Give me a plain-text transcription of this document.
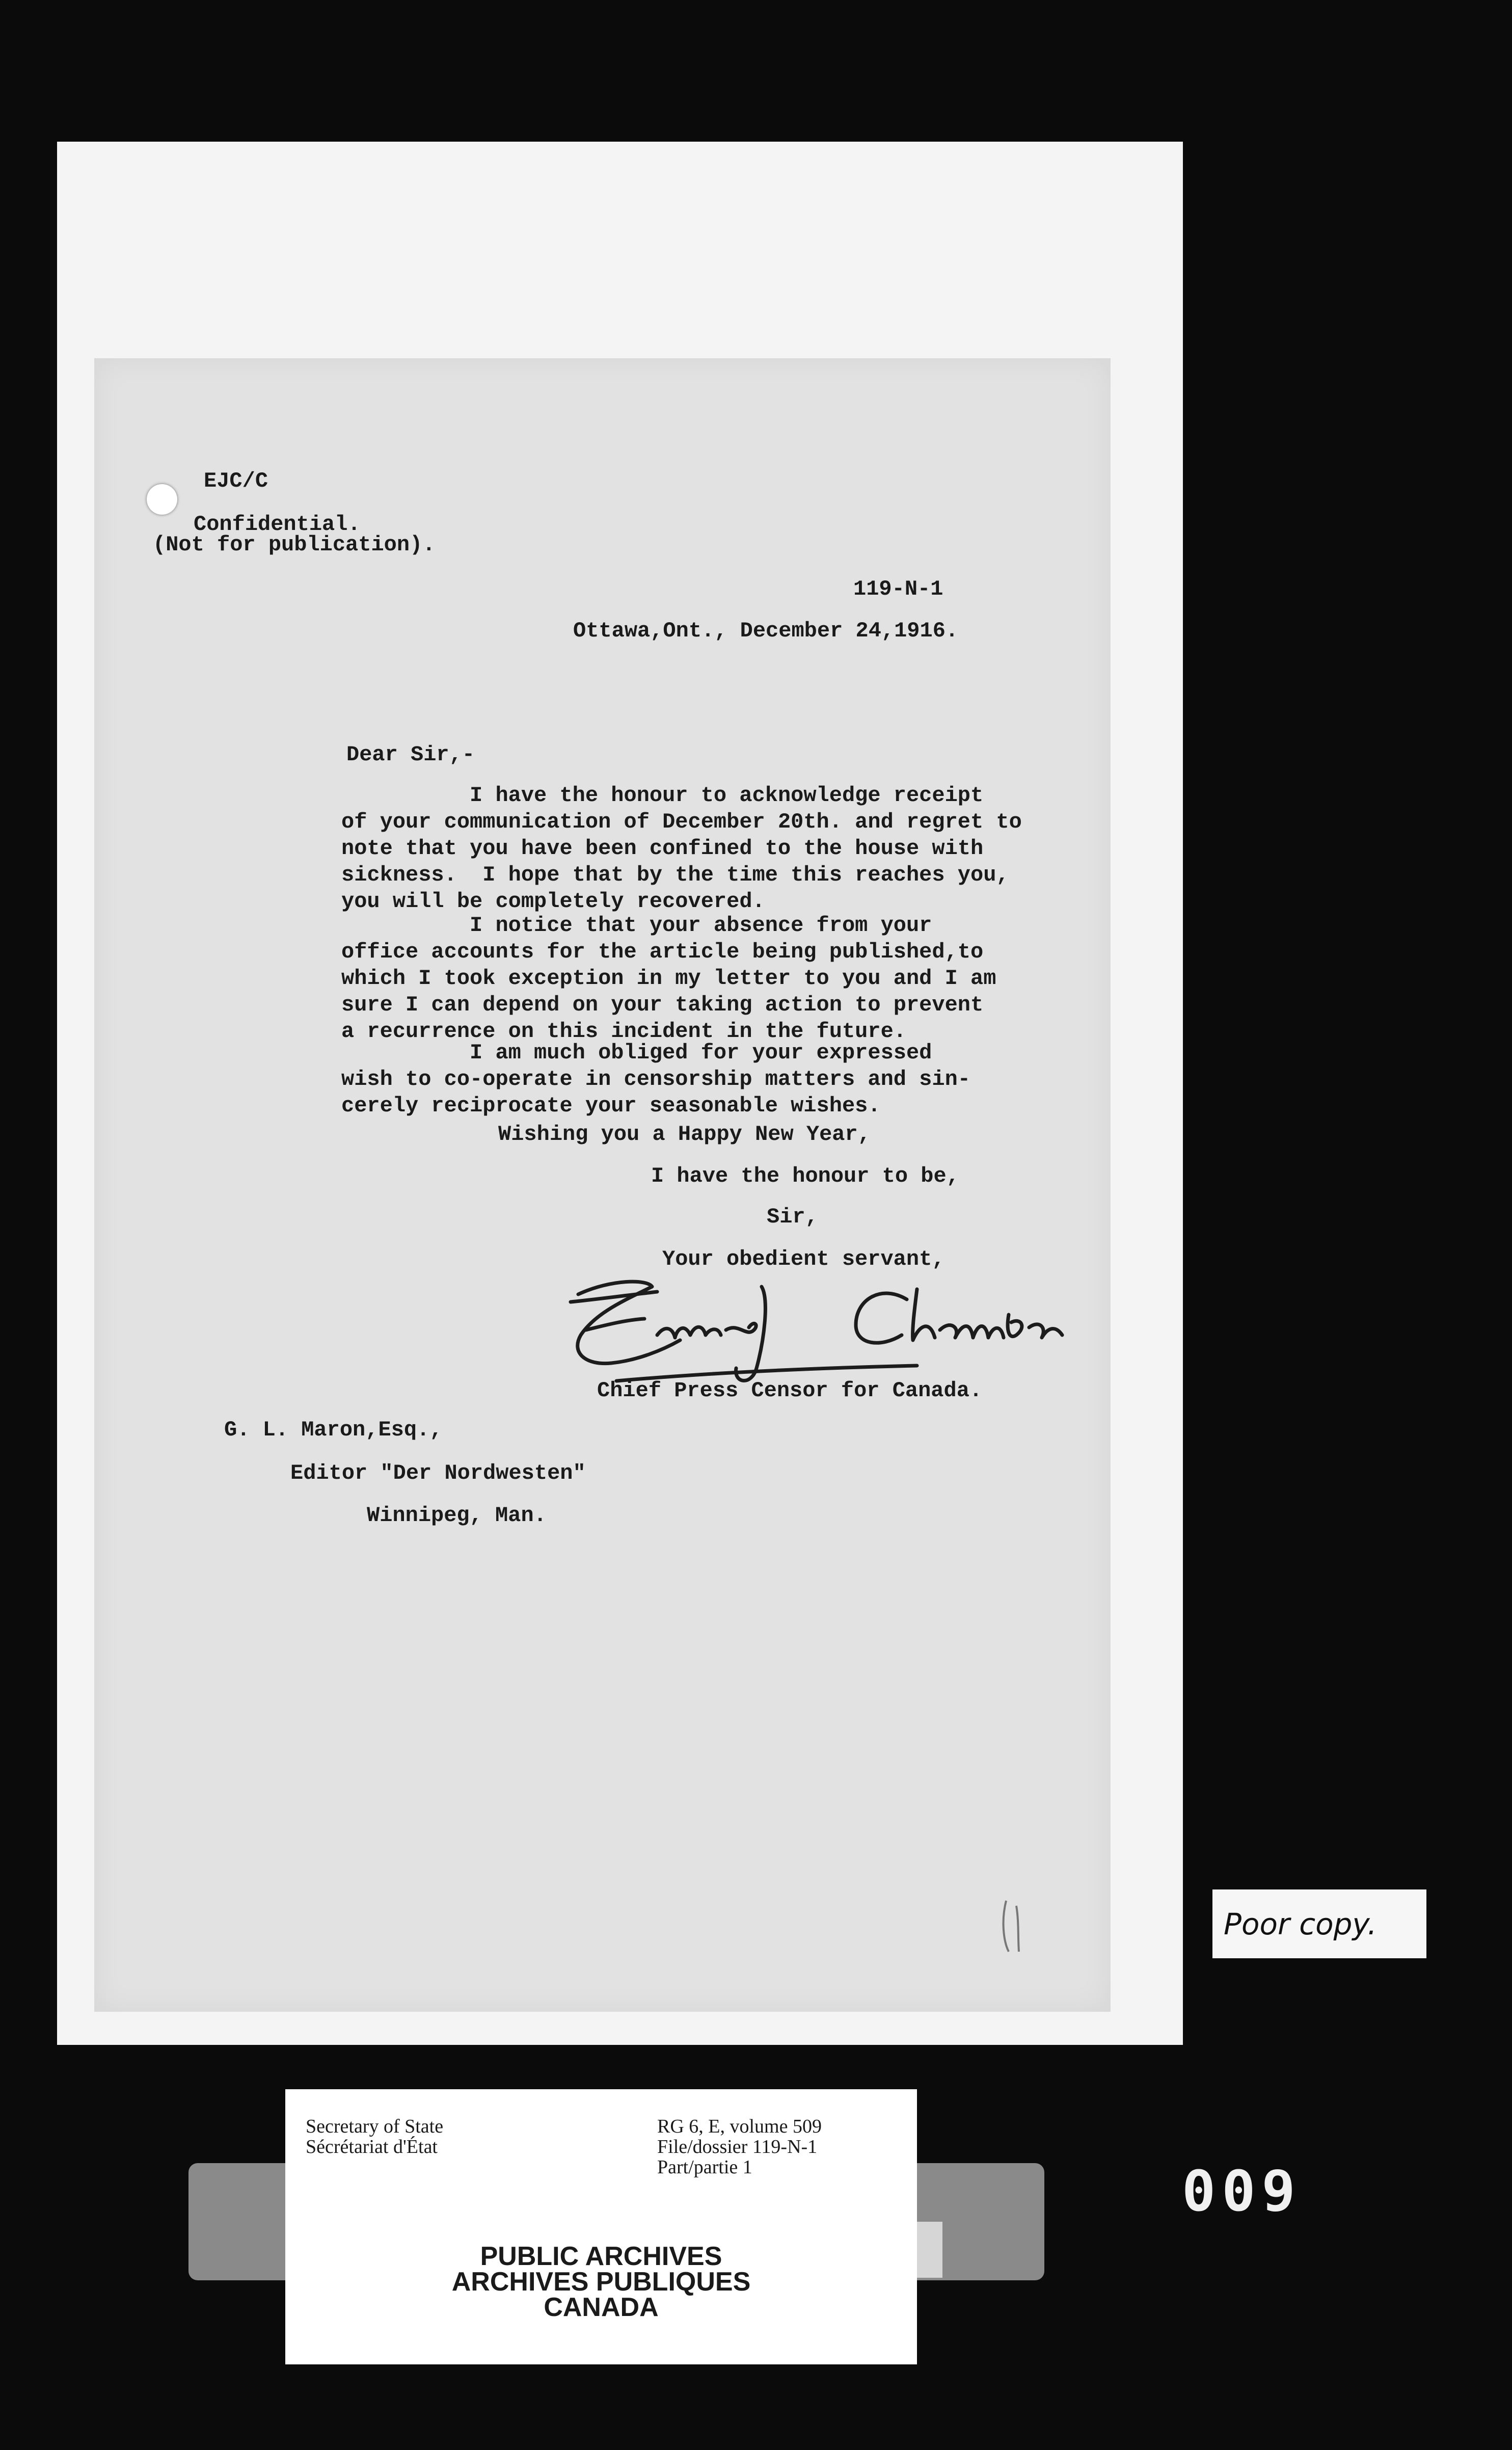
EJC/C
Confidential.
(Not for publication).
119-N-1
Ottawa,Ont., December 24,1916.
Dear Sir,-
I have the honour to acknowledge receipt
of your communication of December 20th. and regret to
note that you have been confined to the house with
sickness.  I hope that by the time this reaches you,
you will be completely recovered.
I notice that your absence from your
office accounts for the article being published,to
which I took exception in my letter to you and I am
sure I can depend on your taking action to prevent
a recurrence on this incident in the future.
I am much obliged for your expressed
wish to co-operate in censorship matters and sin-
cerely reciprocate your seasonable wishes.
Wishing you a Happy New Year,
I have the honour to be,
Sir,
Your obedient servant,
Chief Press Censor for Canada.
G. L. Maron,Esq.,
Editor "Der Nordwesten"
Winnipeg, Man.
Poor copy.
Secretary of State
Sécrétariat d'État
RG 6, E, volume 509
File/dossier 119-N-1
Part/partie 1
PUBLIC ARCHIVES
ARCHIVES PUBLIQUES
CANADA
009
